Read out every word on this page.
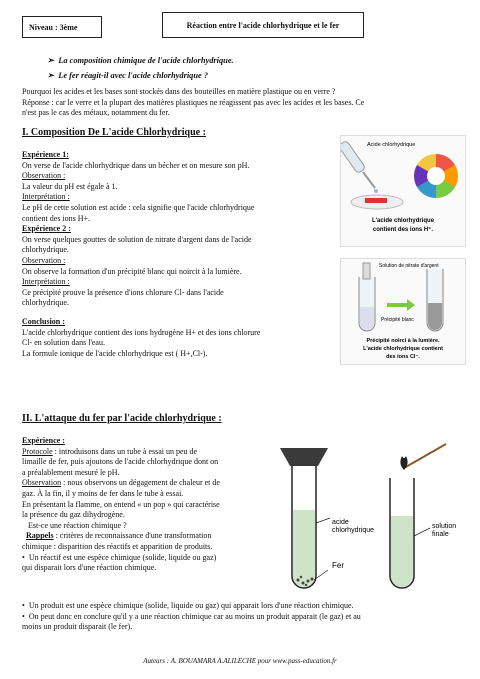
Niveau : 3ème	Réaction entre l'acide chlorhydrique et le fer
➢  La composition chimique de l'acide chlorhydrique.
➢  Le fer réagit-il avec l'acide chlorhydrique ?
Pourquoi les acides et les bases sont stockés dans des bouteilles en matière plastique ou en verre ?
Réponse : car le verre et la plupart des matières plastiques ne réagissent pas avec les acides et les bases. Ce
n'est pas le cas des métaux, notamment du fer.
I. Composition De L'acide Chlorhydrique :
Expérience 1:
On verse de l'acide chlorhydrique dans un bécher et on mesure son pH.
Observation :
La valeur du pH est égale à 1.
Interprétation :
Le pH de cette solution est acide : cela signifie que l'acide chlorhydrique
contient des ions H+.
Expérience 2 :
On verse quelques gouttes de solution de nitrate d'argent dans de l'acide
chlorhydrique.
Observation :
On observe la formation d'un précipité blanc qui noircit à la lumière.
Interprétation :
Ce précipité prouve la présence d'ions chlorure Cl- dans l'acide
chlorhydrique.
Conclusion :
L'acide chlorhydrique contient des ions hydrogène H+ et des ions chlorure
Cl- en solution dans l'eau.
La formule ionique de l'acide chlorhydrique est ( H+,Cl-).
Acide chlorhydrique
L'acide chlorhydrique
contient des ions H⁺.
Solution de nitrate d'argent
Précipité blanc
Précipité noirci à la lumière.
L'acide chlorhydrique contient
des ions Cl⁻.
II. L'attaque du fer par l'acide chlorhydrique :
Expérience :
Protocole : introduisons dans un tube à essai un peu de
limaille de fer, puis ajoutons de l'acide chlorhydrique dont on
a préalablement mesuré le pH.
Observation : nous observons un dégagement de chaleur et de
gaz. À la fin, il y moins de fer dans le tube à essai.
En présentant la flamme, on entend « un pop » qui caractérise
la présence du gaz dihydrogène.
Est-ce une réaction chimique ?
Rappels : critères de reconnaissance d'une transformation
chimique : disparition des réactifs et apparition de produits.
•  Un réactif est une espèce chimique (solide, liquide ou gaz)
qui disparait lors d'une réaction chimique.
•  Un produit est une espèce chimique (solide, liquide ou gaz) qui apparait lors d'une réaction chimique.
•  On peut donc en conclure qu'il y a une réaction chimique car au moins un produit apparait (le gaz) et au
moins un produit disparait (le fer).
acide
chlorhydrique
Fer
solution
finale
Auteurs : A. BOUAMARA A.ALILECHE pour www.pass-education.fr
